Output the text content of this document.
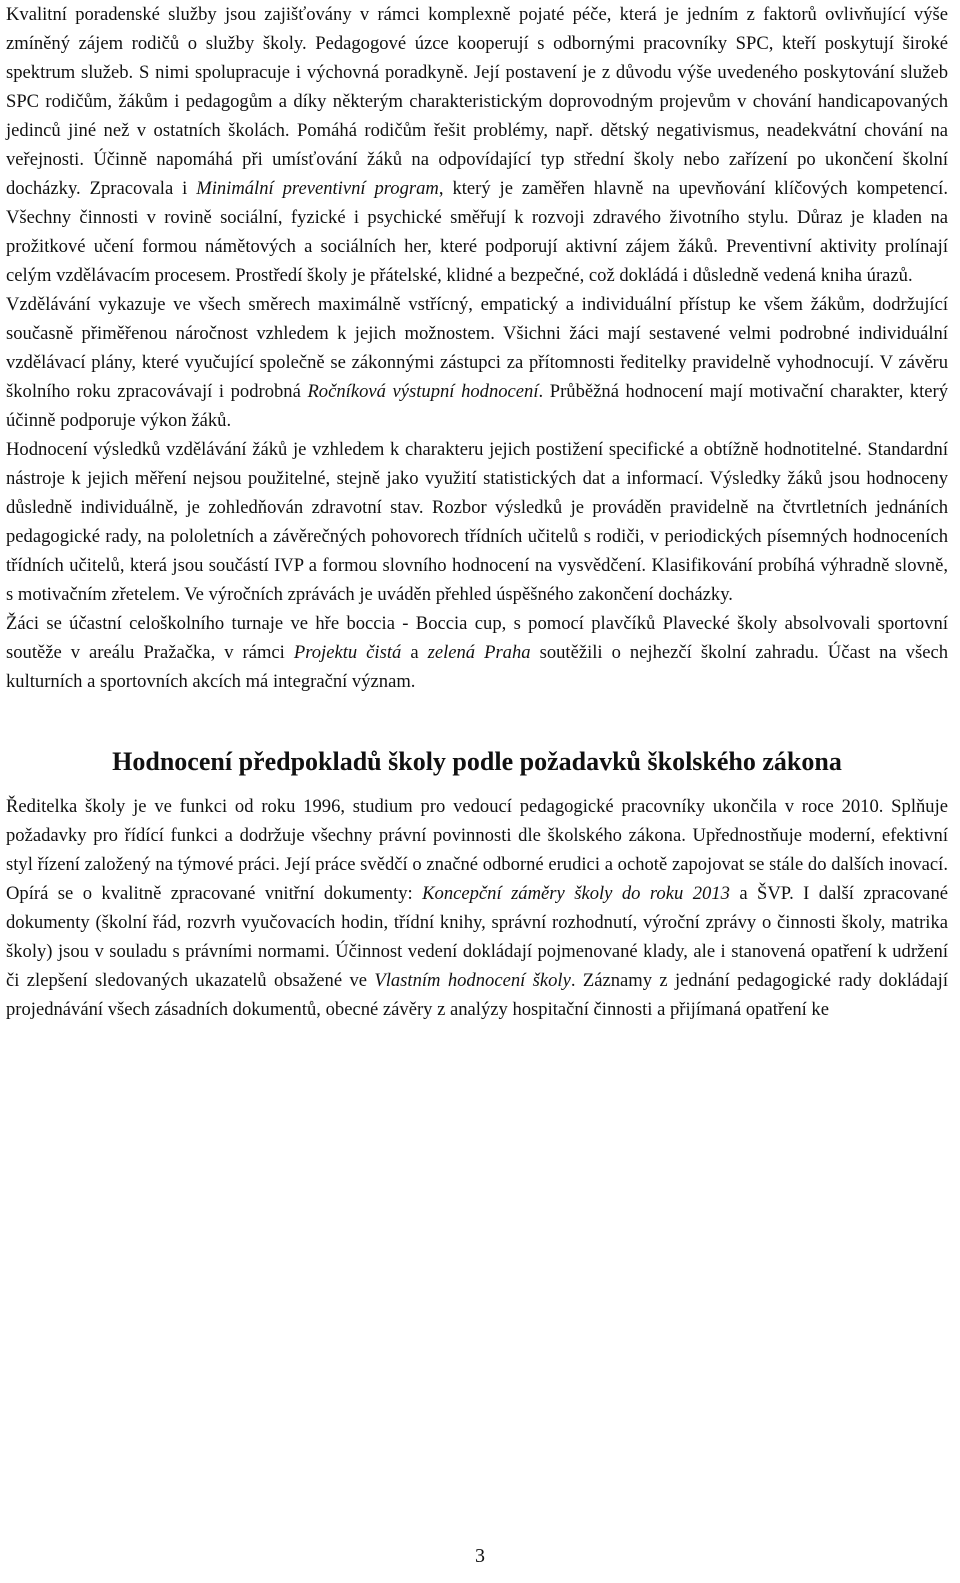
Kvalitní poradenské služby jsou zajišťovány v rámci komplexně pojaté péče, která je jedním z faktorů ovlivňující výše zmíněný zájem rodičů o služby školy. Pedagogové úzce kooperují s odbornými pracovníky SPC, kteří poskytují široké spektrum služeb. S nimi spolupracuje i výchovná poradkyně. Její postavení je z důvodu výše uvedeného poskytování služeb SPC rodičům, žákům i pedagogům a díky některým charakteristickým doprovodným projevům v chování handicapovaných jedinců jiné než v ostatních školách. Pomáhá rodičům řešit problémy, např. dětský negativismus, neadekvátní chování na veřejnosti. Účinně napomáhá při umísťování žáků na odpovídající typ střední školy nebo zařízení po ukončení školní docházky. Zpracovala i Minimální preventivní program, který je zaměřen hlavně na upevňování klíčových kompetencí. Všechny činnosti v rovině sociální, fyzické i psychické směřují k rozvoji zdravého životního stylu. Důraz je kladen na prožitkové učení formou námětových a sociálních her, které podporují aktivní zájem žáků. Preventivní aktivity prolínají celým vzdělávacím procesem. Prostředí školy je přátelské, klidné a bezpečné, což dokládá i důsledně vedená kniha úrazů.

Vzdělávání vykazuje ve všech směrech maximálně vstřícný, empatický a individuální přístup ke všem žákům, dodržující současně přiměřenou náročnost vzhledem k jejich možnostem. Všichni žáci mají sestavené velmi podrobné individuální vzdělávací plány, které vyučující společně se zákonnými zástupci za přítomnosti ředitelky pravidelně vyhodnocují. V závěru školního roku zpracovávají i podrobná Ročníková výstupní hodnocení. Průběžná hodnocení mají motivační charakter, který účinně podporuje výkon žáků.

Hodnocení výsledků vzdělávání žáků je vzhledem k charakteru jejich postižení specifické a obtížně hodnotitelné. Standardní nástroje k jejich měření nejsou použitelné, stejně jako využití statistických dat a informací. Výsledky žáků jsou hodnoceny důsledně individuálně, je zohledňován zdravotní stav. Rozbor výsledků je prováděn pravidelně na čtvrtletních jednáních pedagogické rady, na pololetních a závěrečných pohovorech třídních učitelů s rodiči, v periodických písemných hodnoceních třídních učitelů, která jsou součástí IVP a formou slovního hodnocení na vysvědčení. Klasifikování probíhá výhradně slovně, s motivačním zřetelem. Ve výročních zprávách je uváděn přehled úspěšného zakončení docházky.

Žáci se účastní celoškolního turnaje ve hře boccia - Boccia cup, s pomocí plavčíků Plavecké školy absolvovali sportovní soutěže v areálu Pražačka, v rámci Projektu čistá a zelená Praha soutěžili o nejhezčí školní zahradu. Účast na všech kulturních a sportovních akcích má integrační význam.

Hodnocení předpokladů školy podle požadavků školského zákona

Ředitelka školy je ve funkci od roku 1996, studium pro vedoucí pedagogické pracovníky ukončila v roce 2010. Splňuje požadavky pro řídící funkci a dodržuje všechny právní povinnosti dle školského zákona. Upřednostňuje moderní, efektivní styl řízení založený na týmové práci. Její práce svědčí o značné odborné erudici a ochotě zapojovat se stále do dalších inovací. Opírá se o kvalitně zpracované vnitřní dokumenty: Koncepční záměry školy do roku 2013 a ŠVP. I další zpracované dokumenty (školní řád, rozvrh vyučovacích hodin, třídní knihy, správní rozhodnutí, výroční zprávy o činnosti školy, matrika školy) jsou v souladu s právními normami. Účinnost vedení dokládají pojmenované klady, ale i stanovená opatření k udržení či zlepšení sledovaných ukazatelů obsažené ve Vlastním hodnocení školy. Záznamy z jednání pedagogické rady dokládají projednávání všech zásadních dokumentů, obecné závěry z analýzy hospitační činnosti a přijímaná opatření ke

3
